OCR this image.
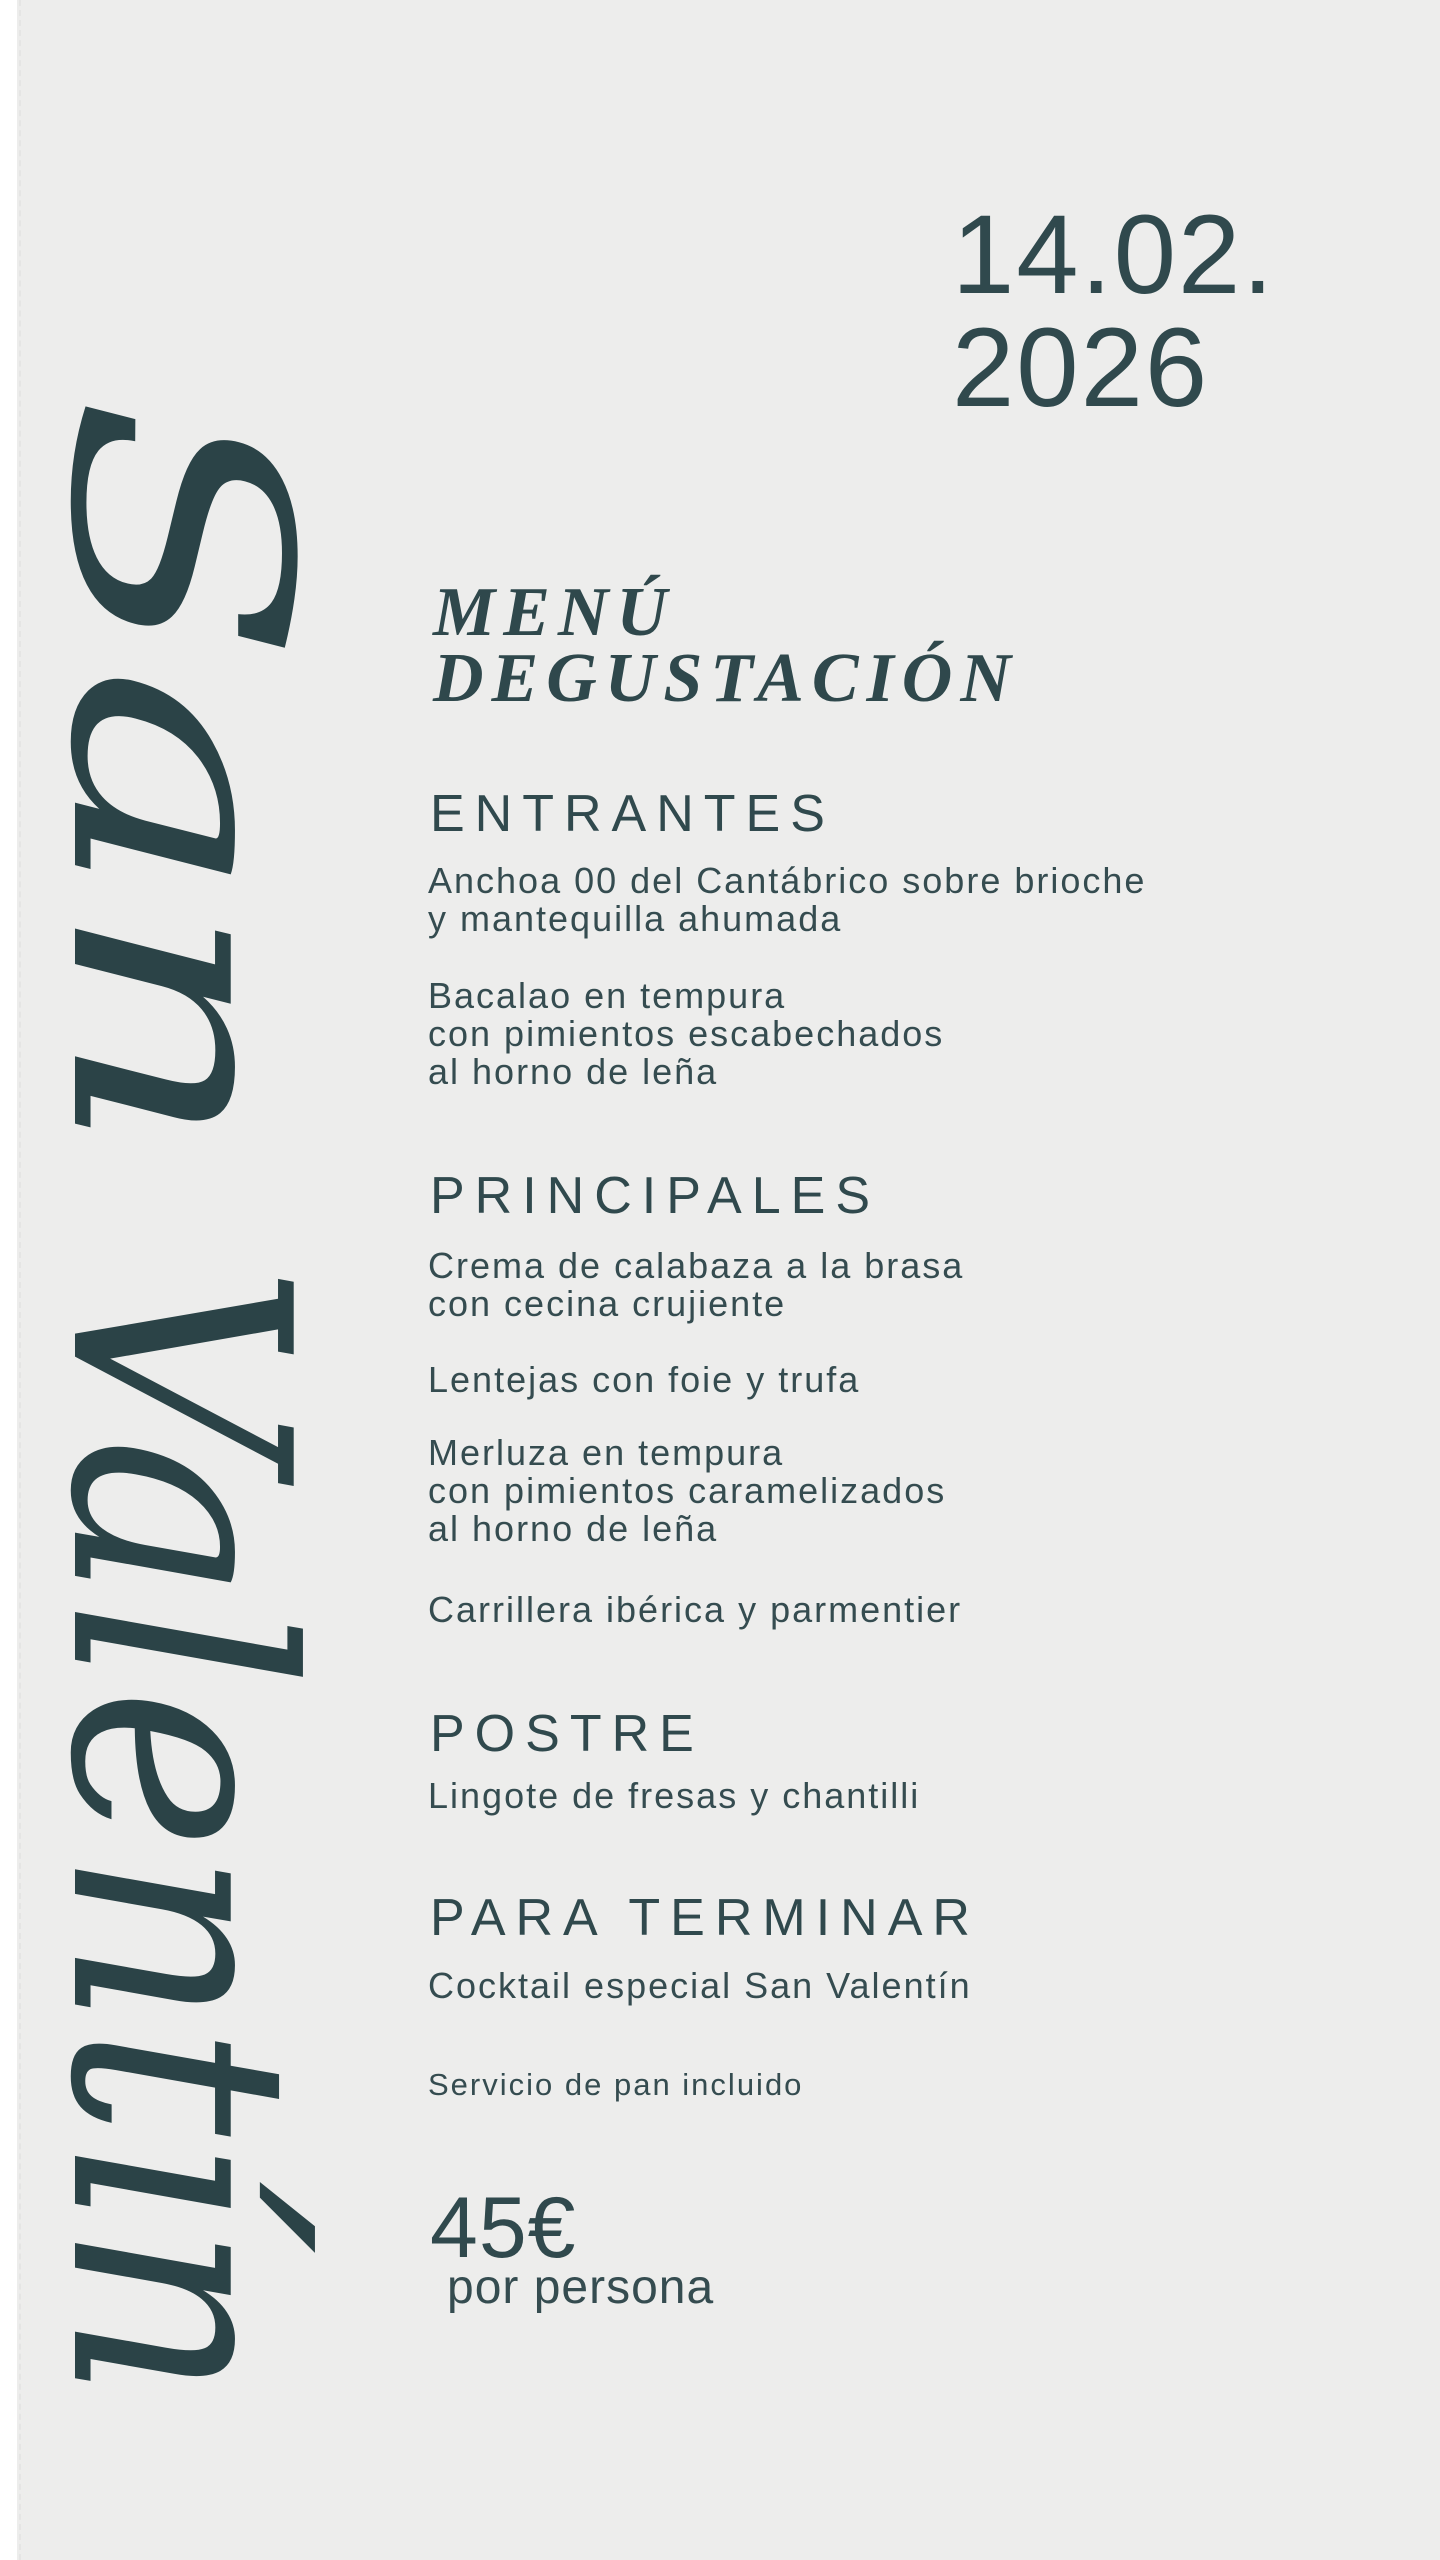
San
Valentín
14.02.
2026
MENÚ
DEGUSTACIÓN
ENTRANTES
Anchoa 00 del Cantábrico sobre brioche
y mantequilla ahumada
Bacalao en tempura
con pimientos escabechados
al horno de leña
PRINCIPALES
Crema de calabaza a la brasa
con cecina crujiente
Lentejas con foie y trufa
Merluza en tempura
con pimientos caramelizados
al horno de leña
Carrillera ibérica y parmentier
POSTRE
Lingote de fresas y chantilli
PARA TERMINAR
Cocktail especial San Valentín
Servicio de pan incluido
45€
por persona
